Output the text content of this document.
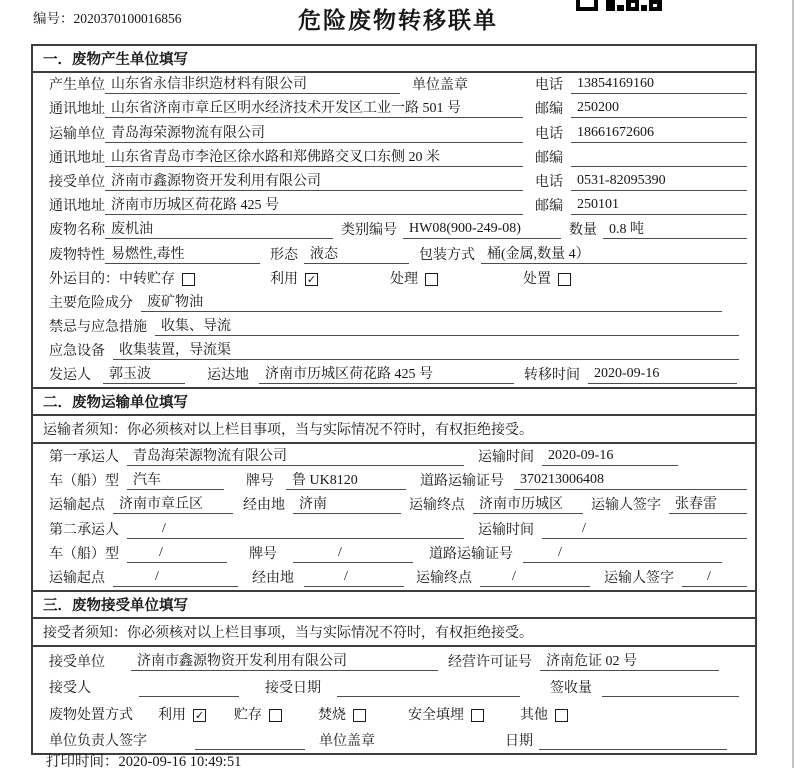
编号：2020370100016856	危险废物转移联单
一．废物产生单位填写
产生单位 山东省永信非织造材料有限公司	单位盖章	电话	13854169160
通讯地址 山东省济南市章丘区明水经济技术开发区工业一路 501 号	邮编	250200
运输单位 青岛海荣源物流有限公司	电话	18661672606
通讯地址 山东省青岛市李沧区徐水路和郑佛路交叉口东侧 20 米	邮编
接受单位 济南市鑫源物资开发利用有限公司	电话	0531-82095390
通讯地址 济南市历城区荷花路 425 号	邮编	250101
废物名称 废机油	类别编号 HW08(900-249-08)	数量 0.8 吨
废物特性 易燃性,毒性	形态 液态	包装方式 桶(金属,数量 4）
外运目的： 中转贮存	利用 ✓	处理	处置
主要危险成分	废矿物油
禁忌与应急措施	收集、导流
应急设备	收集装置，导流渠
发运人	郭玉波	运达地	济南市历城区荷花路 425 号	转移时间	2020-09-16
二．废物运输单位填写
运输者须知：你必须核对以上栏目事项，当与实际情况不符时，有权拒绝接受。
第一承运人	青岛海荣源物流有限公司	运输时间	2020-09-16
车（船）型	汽车	牌号	鲁 UK8120	道路运输证号	370213006408
运输起点	济南市章丘区	经由地	济南	运输终点	济南市历城区	运输人签字	张春雷
第二承运人	/	运输时间	/
车（船）型	/	牌号	/	道路运输证号	/
运输起点	/	经由地	/	运输终点	/	运输人签字	/
三．废物接受单位填写
接受者须知：你必须核对以上栏目事项，当与实际情况不符时，有权拒绝接受。
接受单位	济南市鑫源物资开发利用有限公司	经营许可证号	济南危证 02 号
接受人	接受日期	签收量
废物处置方式 利用 ✓ 贮存	焚烧	安全填埋	其他
单位负责人签字	单位盖章	日期
打印时间：2020-09-16 10:49:51
